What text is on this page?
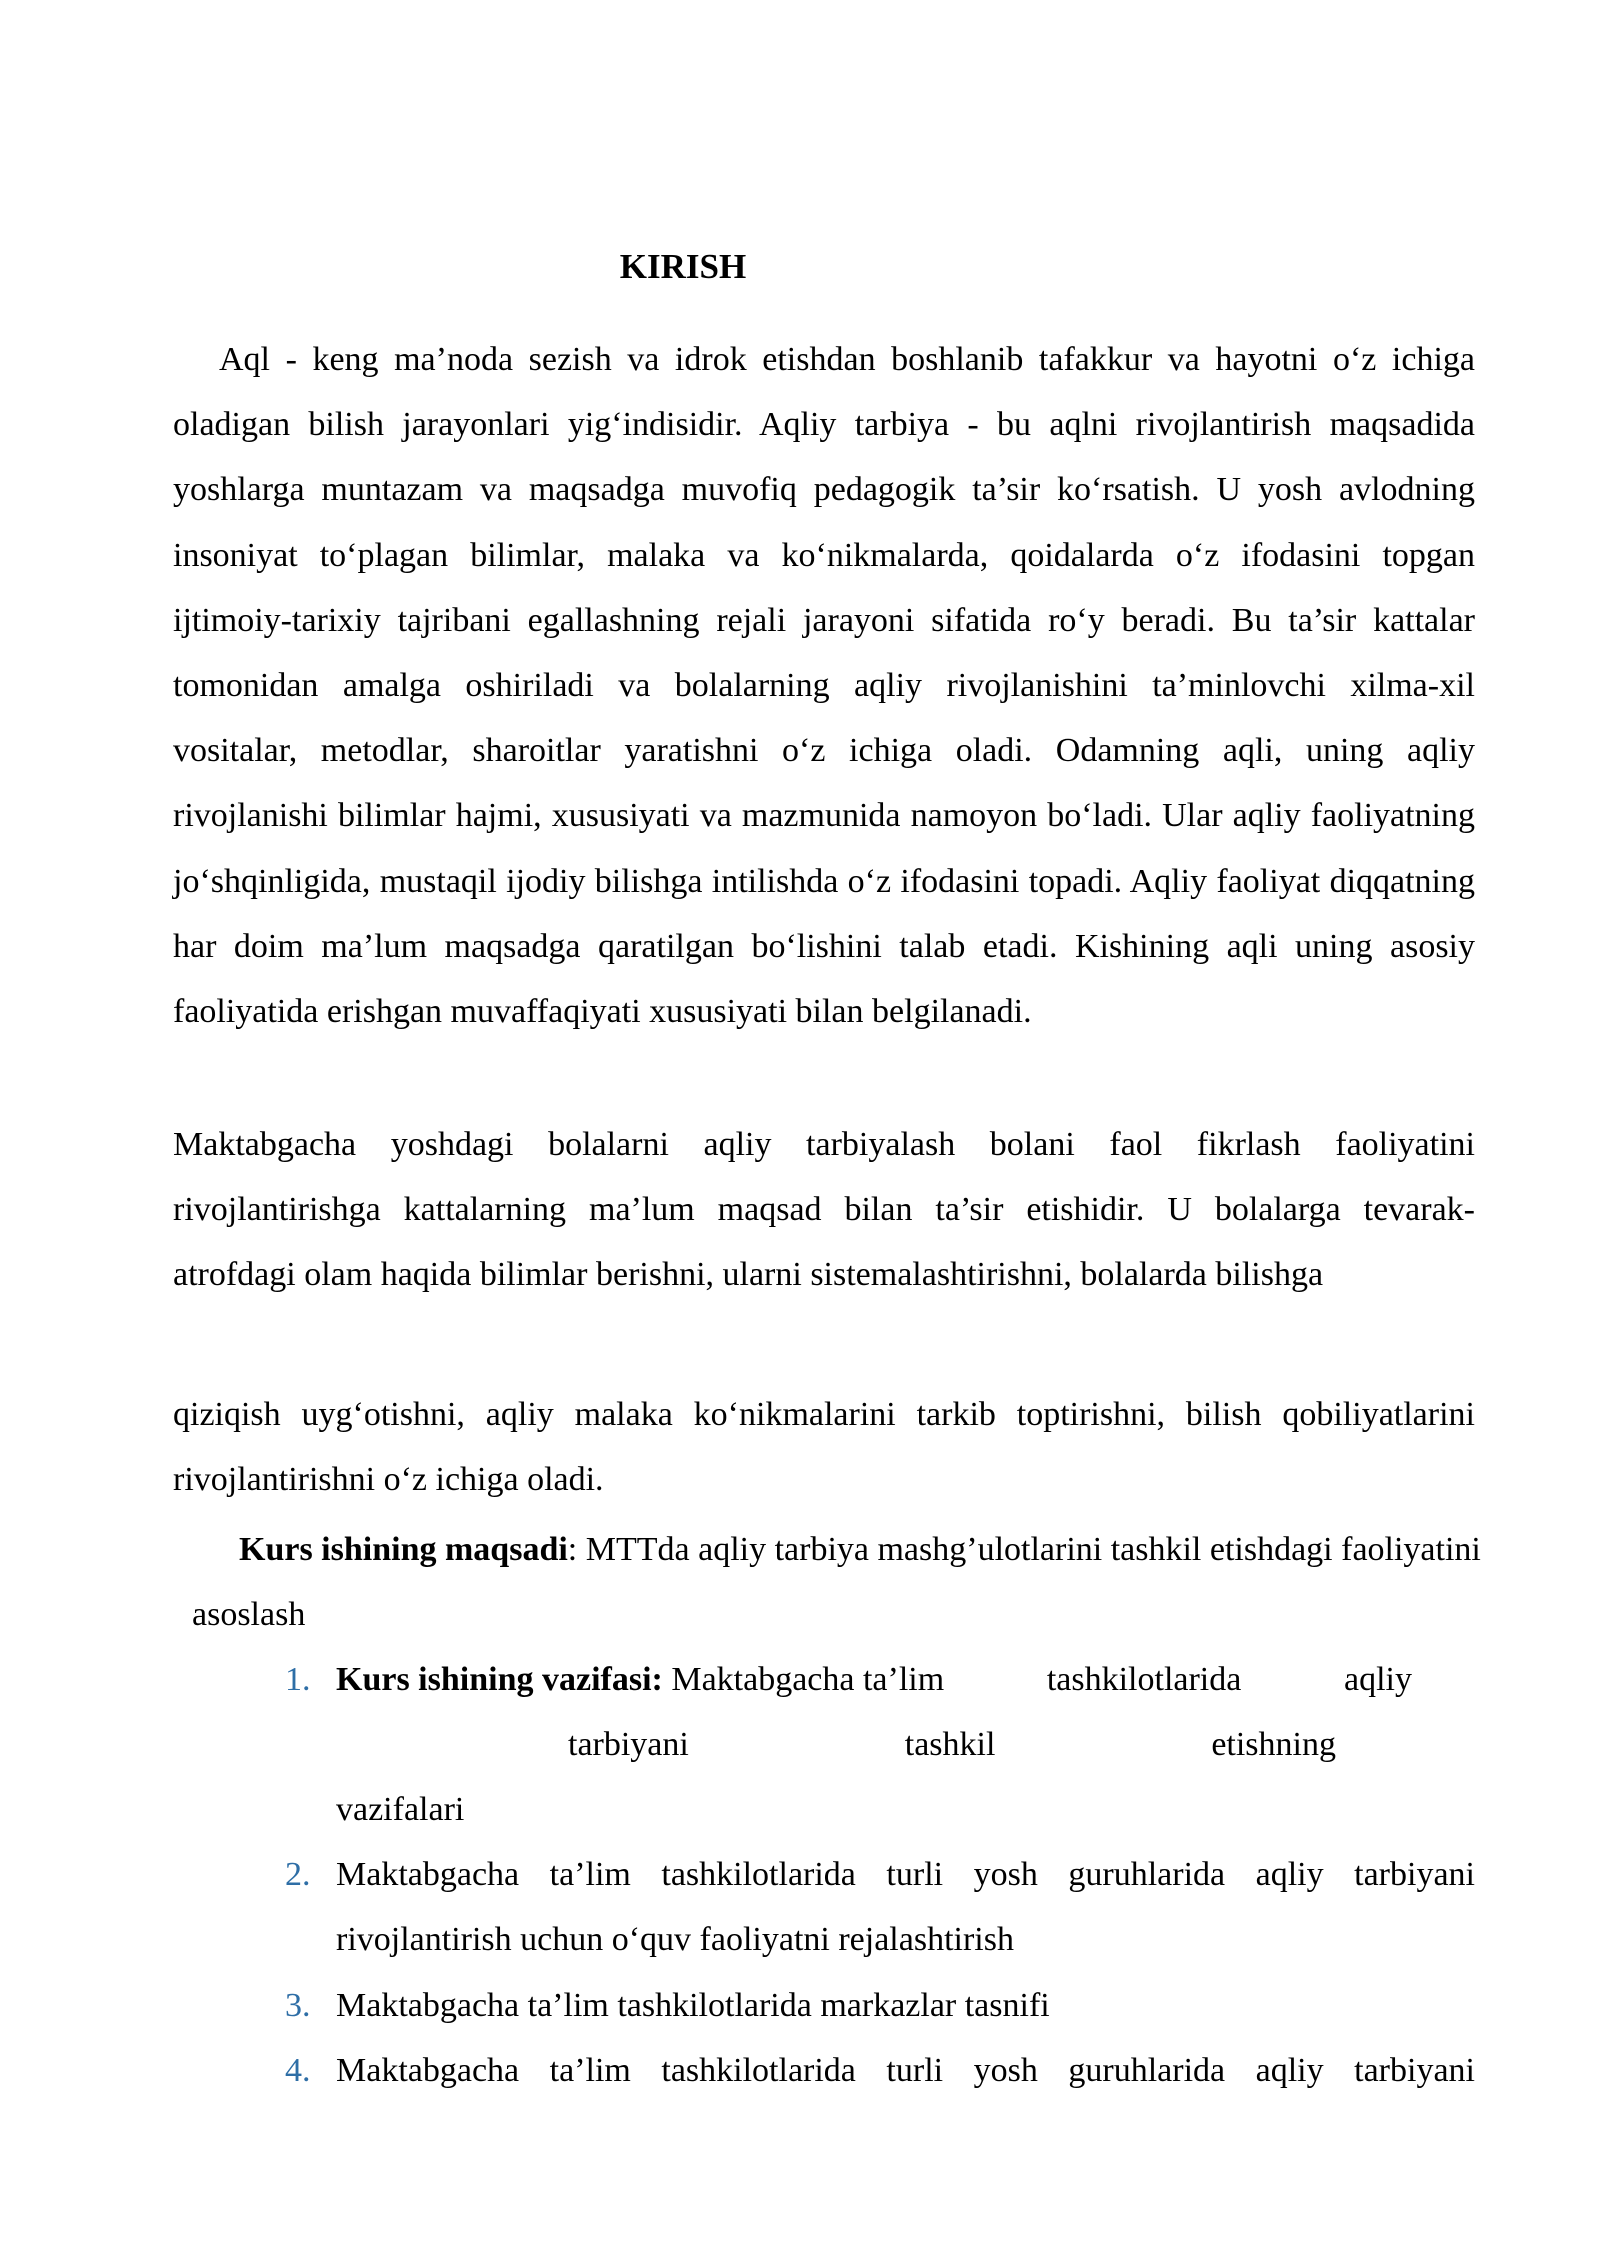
KIRISH
Aql - keng ma’noda sezish va idrok etishdan boshlanib tafakkur va hayotni o‘z ichiga oladigan bilish jarayonlari yig‘indisidir. Aqliy tarbiya - bu aqlni rivojlantirish maqsadida yoshlarga muntazam va maqsadga muvofiq pedagogik ta’sir ko‘rsatish. U yosh avlodning insoniyat to‘plagan bilimlar, malaka va ko‘nikmalarda, qoidalarda o‘z ifodasini topgan ijtimoiy-tarixiy tajribani egallashning rejali jarayoni sifatida ro‘y beradi. Bu ta’sir kattalar tomonidan amalga oshiriladi va bolalarning aqliy rivojlanishini ta’minlovchi xilma-xil vositalar, metodlar, sharoitlar yaratishni o‘z ichiga oladi. Odamning aqli, uning aqliy rivojlanishi bilimlar hajmi, xususiyati va mazmunida namoyon bo‘ladi. Ular aqliy faoliyatning jo‘shqinligida, mustaqil ijodiy bilishga intilishda o‘z ifodasini topadi. Aqliy faoliyat diqqatning har doim ma’lum maqsadga qaratilgan bo‘lishini talab etadi. Kishining aqli uning asosiy faoliyatida erishgan muvaffaqiyati xususiyati bilan belgilanadi.
Maktabgacha yoshdagi bolalarni aqliy tarbiyalash bolani faol fikrlash faoliyatini rivojlantirishga kattalarning ma’lum maqsad bilan ta’sir etishidir. U bolalarga tevarak- atrofdagi olam haqida bilimlar berishni, ularni sistemalashtirishni, bolalarda bilishga
qiziqish uyg‘otishni, aqliy malaka ko‘nikmalarini tarkib toptirishni, bilish qobiliyatlarini rivojlantirishni o‘z ichiga oladi.
Kurs ishining maqsadi: MTTda aqliy tarbiya mashg’ulotlarini tashkil etishdagi faoliyatini asoslash
1. Kurs ishining vazifasi: Maktabgacha ta’lim	tashkilotlarida	aqliy
tarbiyani	tashkil	etishning
vazifalari
2. Maktabgacha ta’lim tashkilotlarida turli yosh guruhlarida aqliy tarbiyani rivojlantirish uchun o‘quv faoliyatni rejalashtirish
3. Maktabgacha ta’lim tashkilotlarida markazlar tasnifi
4. Maktabgacha ta’lim tashkilotlarida turli yosh guruhlarida aqliy tarbiyani
